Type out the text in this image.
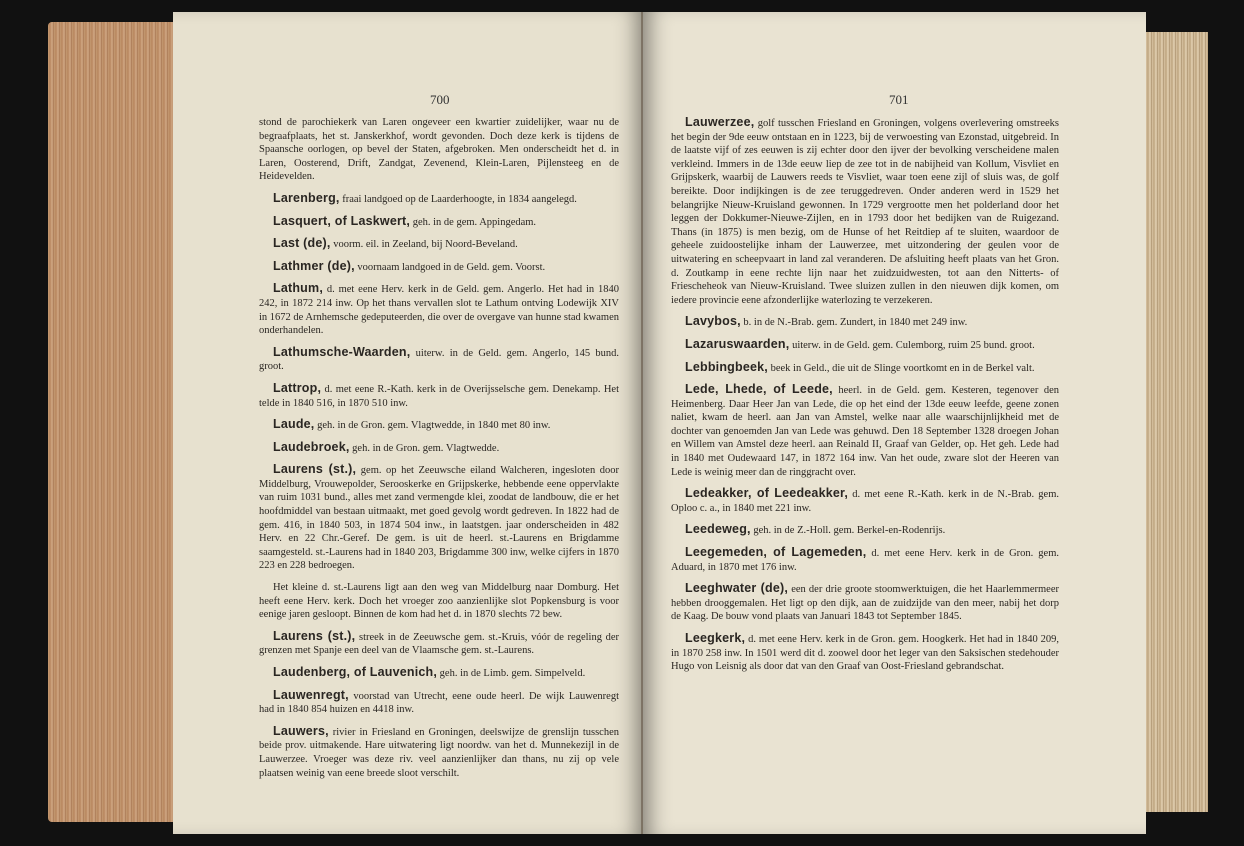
700

stond de parochiekerk van Laren ongeveer een kwartier zuidelijker, waar nu de begraafplaats, het st. Janskerkhof, wordt gevonden. Doch deze kerk is tijdens de Spaansche oorlogen, op bevel der Staten, afgebroken. Men onderscheidt het d. in Laren, Oosterend, Drift, Zandgat, Zevenend, Klein-Laren, Pijlensteeg en de Heidevelden.

Larenberg, fraai landgoed op de Laarderhoogte, in 1834 aangelegd.

Lasquert, of Laskwert, geh. in de gem. Appingedam.

Last (de), voorm. eil. in Zeeland, bij Noord-Beveland.

Lathmer (de), voornaam landgoed in de Geld. gem. Voorst.

Lathum, d. met eene Herv. kerk in de Geld. gem. Angerlo. Het had in 1840 242, in 1872 214 inw. Op het thans vervallen slot te Lathum ontving Lodewijk XIV in 1672 de Arnhemsche gedeputeerden, die over de overgave van hunne stad kwamen onderhandelen.

Lathumsche-Waarden, uiterw. in de Geld. gem. Angerlo, 145 bund. groot.

Lattrop, d. met eene R.-Kath. kerk in de Overijsselsche gem. Denekamp. Het telde in 1840 516, in 1870 510 inw.

Laude, geh. in de Gron. gem. Vlagtwedde, in 1840 met 80 inw.

Laudebroek, geh. in de Gron. gem. Vlagtwedde.

Laurens (st.), gem. op het Zeeuwsche eiland Walcheren, ingesloten door Middelburg, Vrouwepolder, Serooskerke en Grijpskerke, hebbende eene oppervlakte van ruim 1031 bund., alles met zand vermengde klei, zoodat de landbouw, die er het hoofdmiddel van bestaan uitmaakt, met goed gevolg wordt gedreven. In 1822 had de gem. 416, in 1840 503, in 1874 504 inw., in laatstgen. jaar onderscheiden in 482 Herv. en 22 Chr.-Geref. De gem. is uit de heerl. st.-Laurens en Brigdamme saamgesteld. st.-Laurens had in 1840 203, Brigdamme 300 inw, welke cijfers in 1870 223 en 228 bedroegen.

Het kleine d. st.-Laurens ligt aan den weg van Middelburg naar Domburg. Het heeft eene Herv. kerk. Doch het vroeger zoo aanzienlijke slot Popkensburg is voor eenige jaren gesloopt. Binnen de kom had het d. in 1870 slechts 72 bew.

Laurens (st.), streek in de Zeeuwsche gem. st.-Kruis, vóór de regeling der grenzen met Spanje een deel van de Vlaamsche gem. st.-Laurens.

Laudenberg, of Lauvenich, geh. in de Limb. gem. Simpelveld.

Lauwenregt, voorstad van Utrecht, eene oude heerl. De wijk Lauwenregt had in 1840 854 huizen en 4418 inw.

Lauwers, rivier in Friesland en Groningen, deelswijze de grenslijn tusschen beide prov. uitmakende. Hare uitwatering ligt noordw. van het d. Munnekezijl in de Lauwerzee. Vroeger was deze riv. veel aanzienlijker dan thans, nu zij op vele plaatsen weinig van eene breede sloot verschilt.

701

Lauwerzee, golf tusschen Friesland en Groningen, volgens overlevering omstreeks het begin der 9de eeuw ontstaan en in 1223, bij de verwoesting van Ezonstad, uitgebreid. In de laatste vijf of zes eeuwen is zij echter door den ijver der bevolking verscheidene malen verkleind. Immers in de 13de eeuw liep de zee tot in de nabijheid van Kollum, Visvliet en Grijpskerk, waarbij de Lauwers reeds te Visvliet, waar toen eene zijl of sluis was, de golf bereikte. Door indijkingen is de zee teruggedreven. Onder anderen werd in 1529 het belangrijke Nieuw-Kruisland gewonnen. In 1729 vergrootte men het polderland door het leggen der Dokkumer-Nieuwe-Zijlen, en in 1793 door het bedijken van de Ruigezand. Thans (in 1875) is men bezig, om de Hunse of het Reitdiep af te sluiten, waardoor de geheele zuidoostelijke inham der Lauwerzee, met uitzondering der geulen voor de uitwatering en scheepvaart in land zal veranderen. De afsluiting heeft plaats van het Gron. d. Zoutkamp in eene rechte lijn naar het zuidzuidwesten, tot aan den Nitterts- of Friescheheok van Nieuw-Kruisland. Twee sluizen zullen in den nieuwen dijk komen, om iedere provincie eene afzonderlijke waterlozing te verzekeren.

Lavybos, b. in de N.-Brab. gem. Zundert, in 1840 met 249 inw.

Lazaruswaarden, uiterw. in de Geld. gem. Culemborg, ruim 25 bund. groot.

Lebbingbeek, beek in Geld., die uit de Slinge voortkomt en in de Berkel valt.

Lede, Lhede, of Leede, heerl. in de Geld. gem. Kesteren, tegenover den Heimenberg. Daar Heer Jan van Lede, die op het eind der 13de eeuw leefde, geene zonen naliet, kwam de heerl. aan Jan van Amstel, welke naar alle waarschijnlijkheid met de dochter van genoemden Jan van Lede was gehuwd. Den 18 September 1328 droegen Johan en Willem van Amstel deze heerl. aan Reinald II, Graaf van Gelder, op. Het geh. Lede had in 1840 met Oudewaard 147, in 1872 164 inw. Van het oude, zware slot der Heeren van Lede is weinig meer dan de ringgracht over.

Ledeakker, of Leedeakker, d. met eene R.-Kath. kerk in de N.-Brab. gem. Oploo c. a., in 1840 met 221 inw.

Leedeweg, geh. in de Z.-Holl. gem. Berkel-en-Rodenrijs.

Leegemeden, of Lagemeden, d. met eene Herv. kerk in de Gron. gem. Aduard, in 1870 met 176 inw.

Leeghwater (de), een der drie groote stoomwerktuigen, die het Haarlemmermeer hebben drooggemalen. Het ligt op den dijk, aan de zuidzijde van den meer, nabij het dorp de Kaag. De bouw vond plaats van Januari 1843 tot September 1845.

Leegkerk, d. met eene Herv. kerk in de Gron. gem. Hoogkerk. Het had in 1840 209, in 1870 258 inw. In 1501 werd dit d. zoowel door het leger van den Saksischen stedehouder Hugo von Leisnig als door dat van den Graaf van Oost-Friesland gebrandschat.
